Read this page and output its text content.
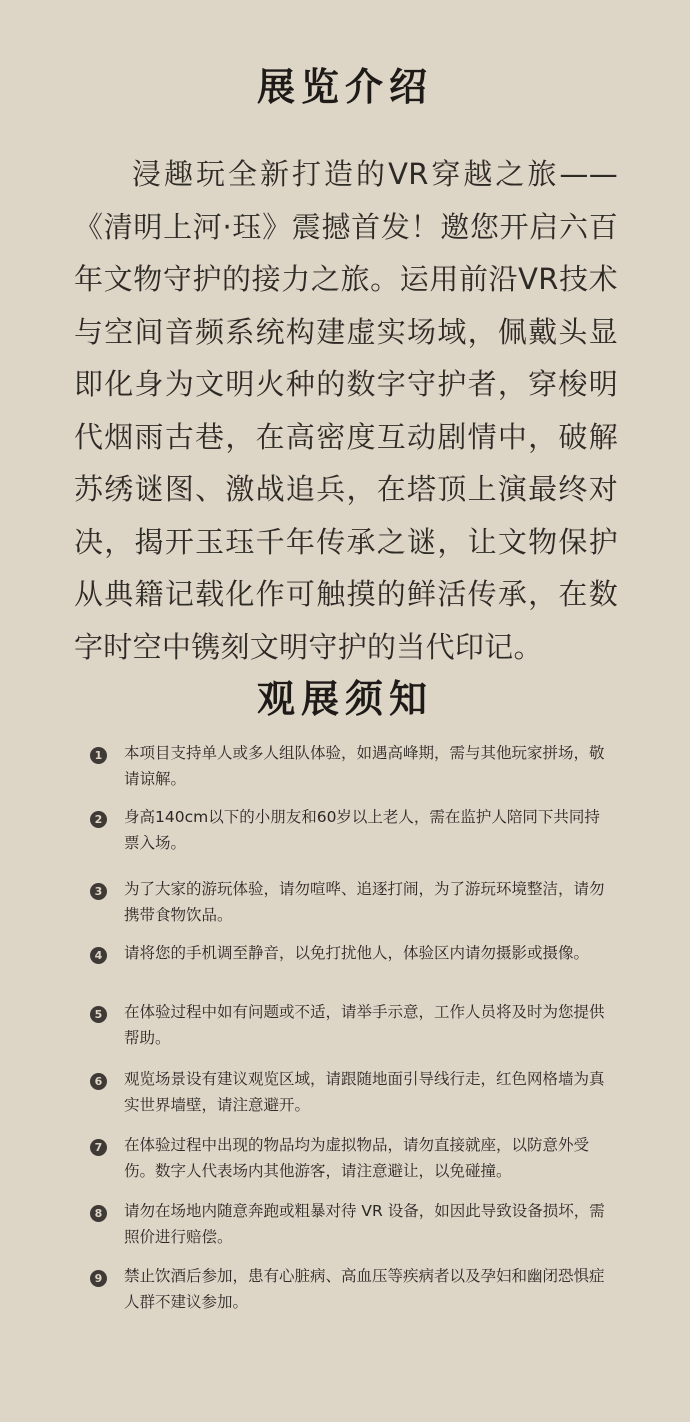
展览介绍

浸趣玩全新打造的VR穿越之旅——《清明上河·珏》震撼首发！邀您开启六百年文物守护的接力之旅。运用前沿VR技术与空间音频系统构建虚实场域，佩戴头显即化身为文明火种的数字守护者，穿梭明代烟雨古巷，在高密度互动剧情中，破解苏绣谜图、激战追兵，在塔顶上演最终对决，揭开玉珏千年传承之谜，让文物保护从典籍记载化作可触摸的鲜活传承，在数字时空中镌刻文明守护的当代印记。

观展须知
1	本项目支持单人或多人组队体验，如遇高峰期，需与其他玩家拼场，敬请谅解。
2	身高140cm以下的小朋友和60岁以上老人，需在监护人陪同下共同持票入场。
3	为了大家的游玩体验，请勿喧哗、追逐打闹，为了游玩环境整洁，请勿携带食物饮品。
4	请将您的手机调至静音，以免打扰他人，体验区内请勿摄影或摄像。
5	在体验过程中如有问题或不适，请举手示意，工作人员将及时为您提供帮助。
6	观览场景设有建议观览区域，请跟随地面引导线行走，红色网格墙为真实世界墙壁，请注意避开。
7	在体验过程中出现的物品均为虚拟物品，请勿直接就座，以防意外受伤。数字人代表场内其他游客，请注意避让，以免碰撞。
8	请勿在场地内随意奔跑或粗暴对待 VR 设备，如因此导致设备损坏，需照价进行赔偿。
9	禁止饮酒后参加，患有心脏病、高血压等疾病者以及孕妇和幽闭恐惧症人群不建议参加。
